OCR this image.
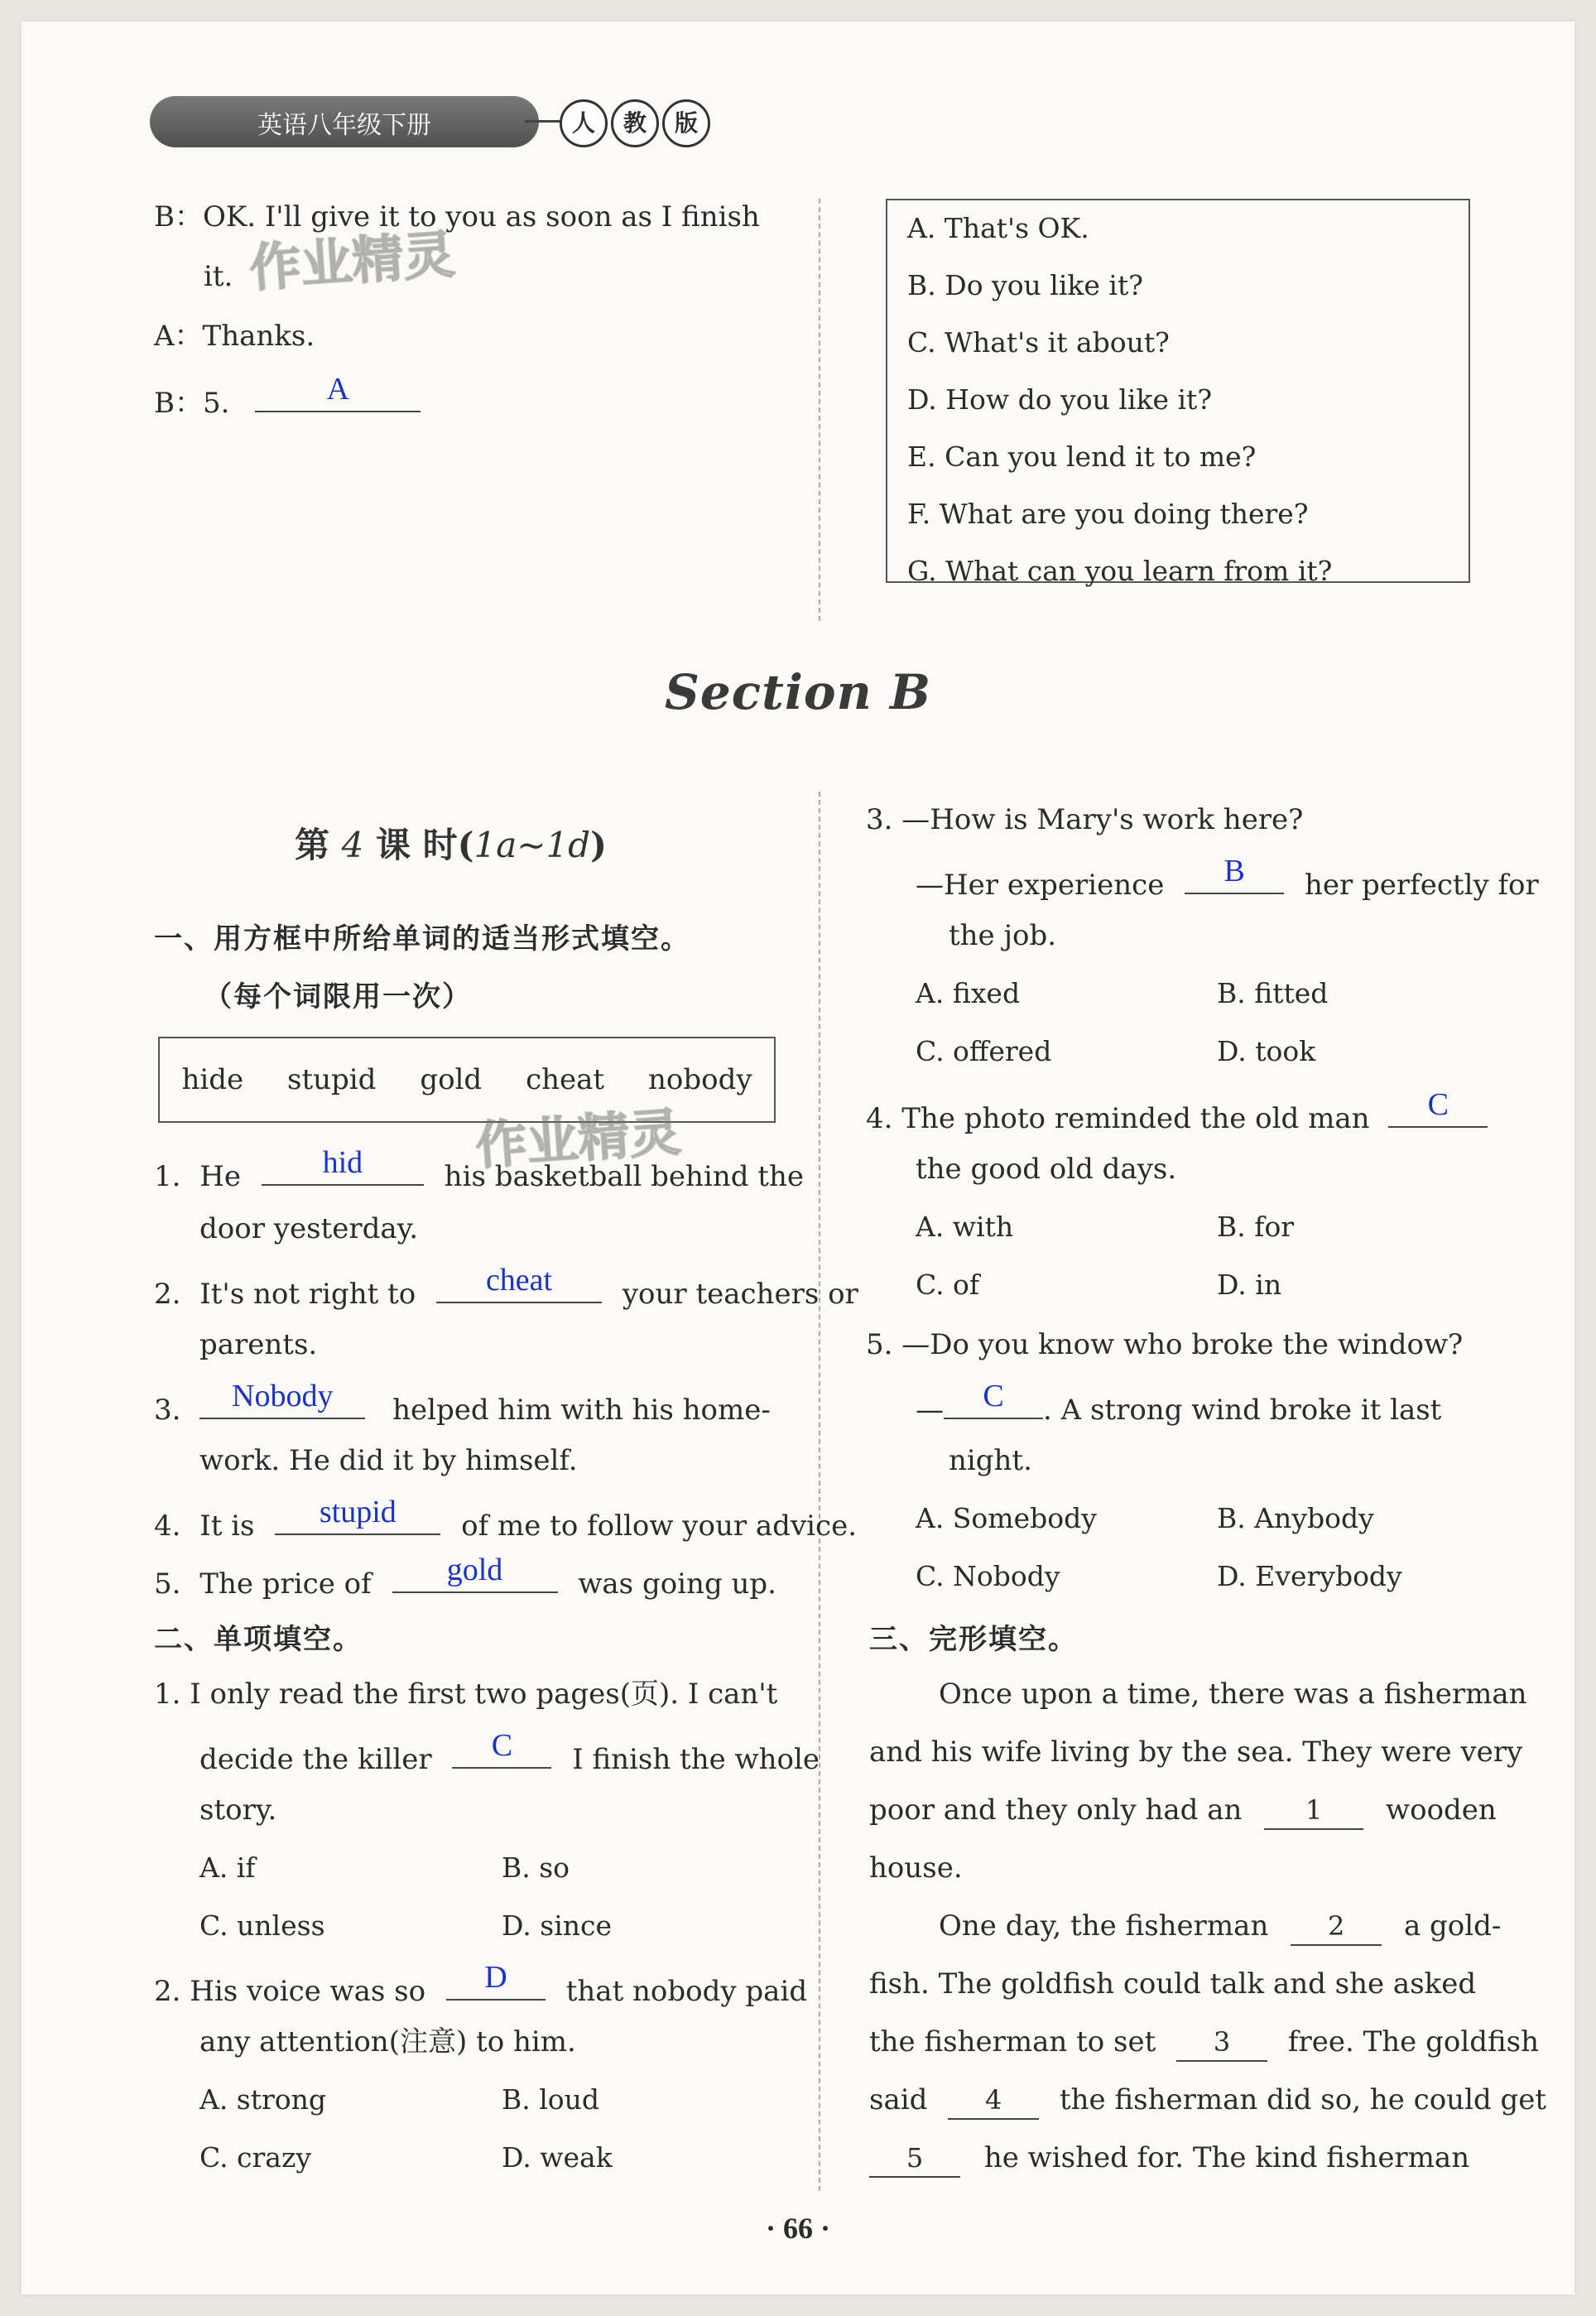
英语八年级下册	人	教	版
B：OK. I'll give it to you as soon as I finish
it.
A：Thanks.
B：5.	A
作业精灵	A. That's OK.
B. Do you like it?
C. What's it about?
D. How do you like it?
E. Can you lend it to me?
F. What are you doing there?
G. What can you learn from it?
Section B
第 4 课 时(1a~1d)
一、用方框中所给单词的适当形式填空。
（每个词限用一次）
hide stupid gold cheat nobody
作业精灵
1. He	hid	his basketball behind the
door yesterday.
2. It's not right to	cheat	your teachers or
parents.
3.	Nobody	helped him with his home-
work. He did it by himself.
4. It is	stupid	of me to follow your advice.
5. The price of	gold	was going up.
二、单项填空。
1. I only read the first two pages(页). I can't
decide the killer	C	I finish the whole
story.
A. if	B. so
C. unless	D. since
2. His voice was so	D	that nobody paid
any attention(注意) to him.
A. strong	B. loud
C. crazy	D. weak
3. —How is Mary's work here?
—Her experience	B	her perfectly for
the job.
A. fixed	B. fitted
C. offered	D. took
4. The photo reminded the old man	C
the good old days.
A. with	B. for
C. of	D. in
5. —Do you know who broke the window?
—	C	. A strong wind broke it last
night.
A. Somebody	B. Anybody
C. Nobody	D. Everybody
三、完形填空。
Once upon a time, there was a fisherman
and his wife living by the sea. They were very
poor and they only had an 1 wooden
house.
One day, the fisherman 2 a gold-
fish. The goldfish could talk and she asked
the fisherman to set 3 free. The goldfish
said 4 the fisherman did so, he could get
5 he wished for. The kind fisherman
· 66 ·
